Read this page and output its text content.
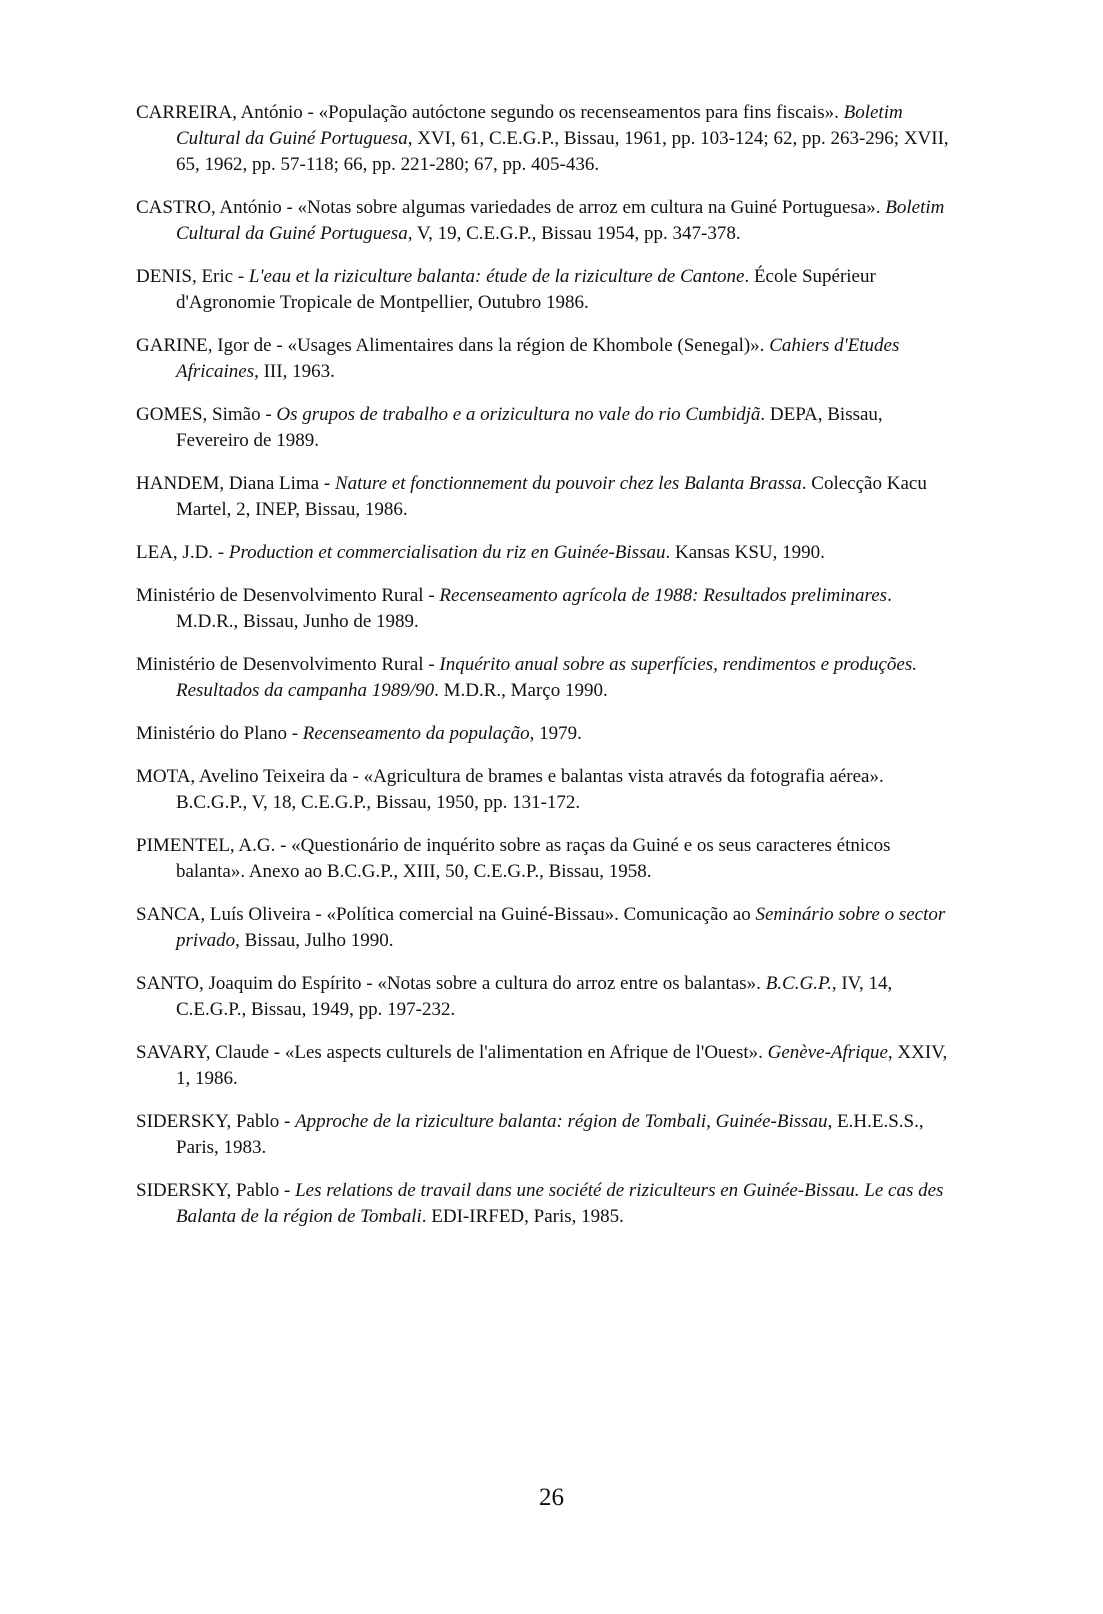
CARREIRA, António - «População autóctone segundo os recenseamentos para fins fiscais». Boletim Cultural da Guiné Portuguesa, XVI, 61, C.E.G.P., Bissau, 1961, pp. 103-124; 62, pp. 263-296; XVII, 65, 1962, pp. 57-118; 66, pp. 221-280; 67, pp. 405-436.

CASTRO, António - «Notas sobre algumas variedades de arroz em cultura na Guiné Portuguesa». Boletim Cultural da Guiné Portuguesa, V, 19, C.E.G.P., Bissau 1954, pp. 347-378.

DENIS, Eric - L'eau et la riziculture balanta: étude de la riziculture de Cantone. École Supérieur d'Agronomie Tropicale de Montpellier, Outubro 1986.

GARINE, Igor de - «Usages Alimentaires dans la région de Khombole (Senegal)». Cahiers d'Etudes Africaines, III, 1963.

GOMES, Simão - Os grupos de trabalho e a orizicultura no vale do rio Cumbidjã. DEPA, Bissau, Fevereiro de 1989.

HANDEM, Diana Lima - Nature et fonctionnement du pouvoir chez les Balanta Brassa. Colecção Kacu Martel, 2, INEP, Bissau, 1986.

LEA, J.D. - Production et commercialisation du riz en Guinée-Bissau. Kansas KSU, 1990.

Ministério de Desenvolvimento Rural - Recenseamento agrícola de 1988: Resultados preliminares. M.D.R., Bissau, Junho de 1989.

Ministério de Desenvolvimento Rural - Inquérito anual sobre as superfícies, rendimentos e produções. Resultados da campanha 1989/90. M.D.R., Março 1990.

Ministério do Plano - Recenseamento da população, 1979.

MOTA, Avelino Teixeira da - «Agricultura de brames e balantas vista através da fotografia aérea». B.C.G.P., V, 18, C.E.G.P., Bissau, 1950, pp. 131-172.

PIMENTEL, A.G. - «Questionário de inquérito sobre as raças da Guiné e os seus caracteres étnicos balanta». Anexo ao B.C.G.P., XIII, 50, C.E.G.P., Bissau, 1958.

SANCA, Luís Oliveira - «Política comercial na Guiné-Bissau». Comunicação ao Seminário sobre o sector privado, Bissau, Julho 1990.

SANTO, Joaquim do Espírito - «Notas sobre a cultura do arroz entre os balantas». B.C.G.P., IV, 14, C.E.G.P., Bissau, 1949, pp. 197-232.

SAVARY, Claude - «Les aspects culturels de l'alimentation en Afrique de l'Ouest». Genève-Afrique, XXIV, 1, 1986.

SIDERSKY, Pablo - Approche de la riziculture balanta: région de Tombali, Guinée-Bissau, E.H.E.S.S., Paris, 1983.

SIDERSKY, Pablo - Les relations de travail dans une société de riziculteurs en Guinée-Bissau. Le cas des Balanta de la région de Tombali. EDI-IRFED, Paris, 1985.

26
